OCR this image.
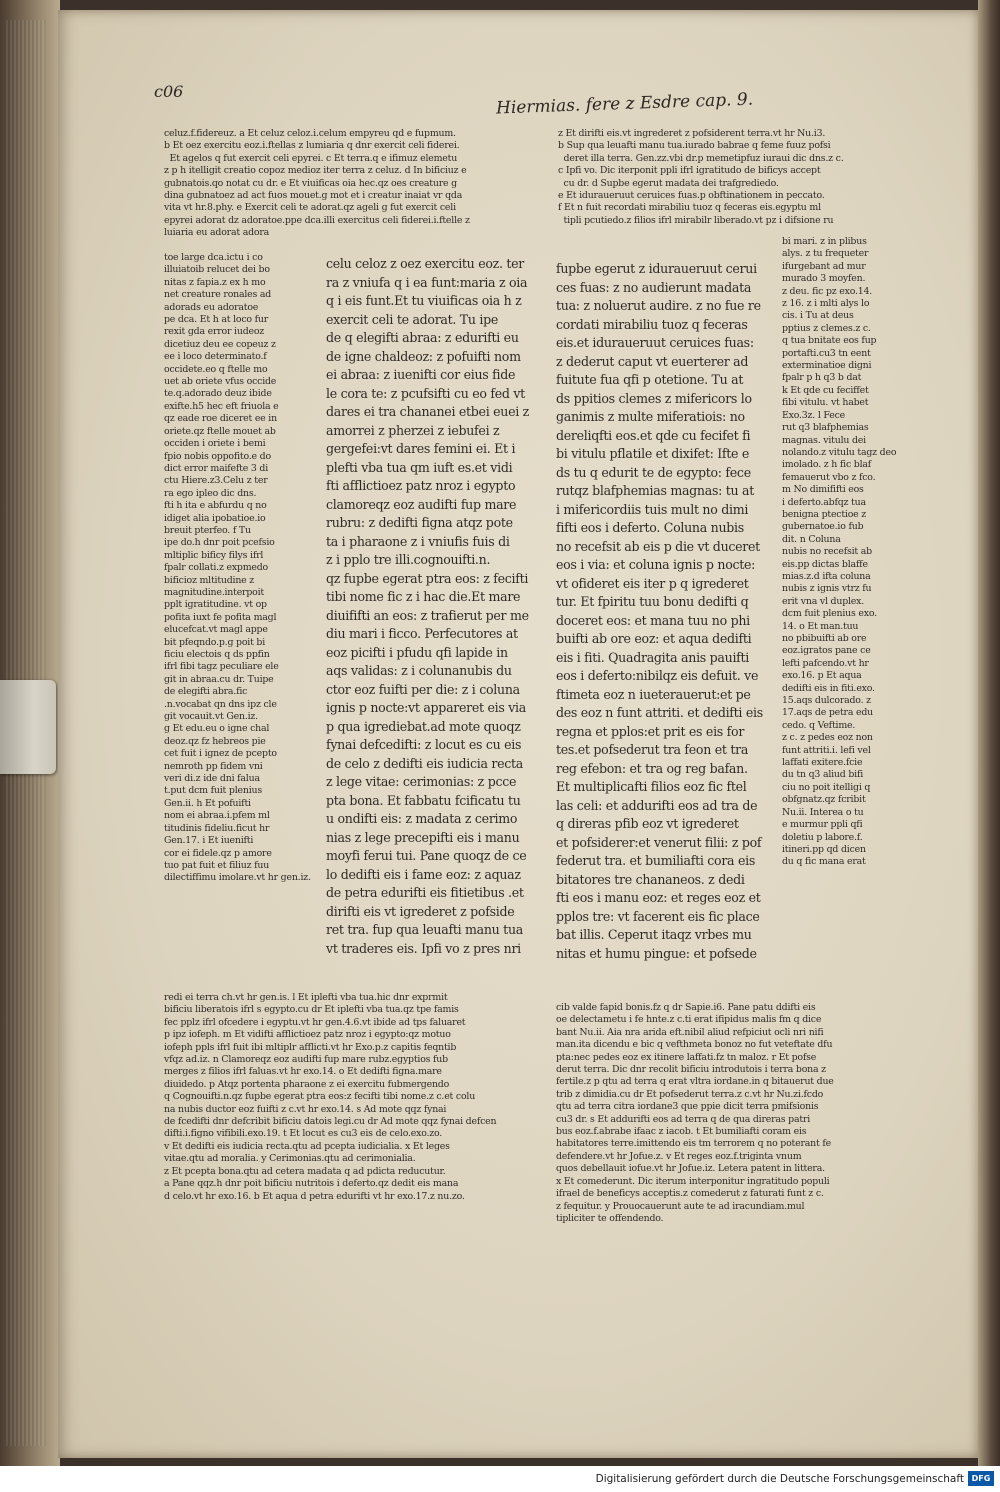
c06	Hiermias. fere z Esdre cap. 9.
celuz.f.fidereuz. a Et celuz celoz.i.celum empyreu qd e fupmum.
b Et oez exercitu eoz.i.ftellas z lumiaria q dnr exercit celi fiderei.
Et agelos q fut exercit celi epyrei. c Et terra.q e ifimuz elemetu
z p h itelligit creatio copoz medioz iter terra z celuz. d In bificiuz e
gubnatois.qo notat cu dr. e Et viuificas oia hec.qz oes creature g
dina gubnatoez ad act fuos mouet.g mot et i creatur inaiat vr qda
vita vt hr.8.phy. e Exercit celi te adorat.qz ageli g fut exercit celi
epyrei adorat dz adoratoe.ppe dca.illi exercitus celi fiderei.i.ftelle z
luiaria eu adorat adora
toe large dca.ictu i co
illuiatoib relucet dei bo
nitas z fapia.z ex h mo
net creature ronales ad
adorads eu adoratoe
pe dca. Et h at loco fur
rexit gda error iudeoz
dicetiuz deu ee copeuz z
ee i loco determinato.f
occidete.eo q ftelle mo
uet ab oriete vfus occide
te.q.adorado deuz ibide
exifte.h5 hec eft friuola e
qz eade roe diceret ee in
oriete.qz ftelle mouet ab
occiden i oriete i bemi
fpio nobis oppofito.e do
dict error maifefte 3 di
ctu Hiere.z3.Celu z ter
ra ego ipleo dic dns.
fti h ita e abfurdu q no
idiget alia ipobatioe.io
breuit pterfeo. f Tu
ipe do.h dnr poit pcefsio
mltiplic bificy filys ifrl
fpalr collati.z expmedo
bificioz mltitudine z
magnitudine.interpoit
pplt igratitudine. vt op
pofita iuxt fe pofita magl
elucefcat.vt magl appe
bit pfeqndo.p.g poit bi
ficiu electois q ds ppfin
ifrl fibi tagz peculiare ele
git in abraa.cu dr. Tuipe
de elegifti abra.fic
.n.vocabat qn dns ipz cle
git vocauit.vt Gen.iz.
g Et edu.eu o igne chal
deoz.qz fz hebreos pie
cet fuit i ignez de pcepto
nemroth pp fidem vni
veri di.z ide dni falua
t.put dcm fuit plenius
Gen.ii. h Et pofuifti
nom ei abraa.i.pfem ml
titudinis fideliu.ficut hr
Gen.17. i Et iuenifti
cor ei fidele.qz p amore
tuo pat fuit et filiuz fuu
dilectiffimu imolare.vt hr gen.iz.
celu celoz z oez exercitu eoz. ter
ra z vniufa q i ea funt:maria z oia
q i eis funt.Et tu viuificas oia h z
exercit celi te adorat. Tu ipe
de q elegifti abraa: z edurifti eu
de igne chaldeoz: z pofuifti nom
ei abraa: z iuenifti cor eius fide
le cora te: z pcufsifti cu eo fed vt
dares ei tra chananei etbei euei z
amorrei z pherzei z iebufei z
gergefei:vt dares femini ei. Et i
plefti vba tua qm iuft es.et vidi
fti afflictioez patz nroz i egypto
clamoreqz eoz audifti fup mare
rubru: z dedifti figna atqz pote
ta i pharaone z i vniufis fuis di
z i pplo tre illi.cognouifti.n.
qz fupbe egerat ptra eos: z fecifti
tibi nome fic z i hac die.Et mare
diuififti an eos: z trafierut per me
diu mari i ficco. Perfecutores at
eoz picifti i pfudu qfi lapide in
aqs validas: z i colunanubis du
ctor eoz fuifti per die: z i coluna
ignis p nocte:vt appareret eis via
p qua igrediebat.ad mote quoqz
fynai defcedifti: z locut es cu eis
de celo z dedifti eis iudicia recta
z lege vitae: cerimonias: z pcce
pta bona. Et fabbatu fcificatu tu
u ondifti eis: z madata z cerimo
nias z lege precepifti eis i manu
moyfi ferui tui. Pane quoqz de ce
lo dedifti eis i fame eoz: z aquaz
de petra edurifti eis fitietibus .et
dirifti eis vt igrederet z pofside
ret tra. fup qua leuafti manu tua
vt traderes eis. Ipfi vo z pres nri
z Et dirifti eis.vt ingrederet z pofsiderent terra.vt hr Nu.i3.
b Sup qua leuafti manu tua.iurado babrae q feme fuuz pofsi
deret illa terra. Gen.zz.vbi dr.p memetipfuz iuraui dic dns.z c.
c Ipfi vo. Dic iterponit ppli ifrl igratitudo de bificys accept
cu dr. d Supbe egerut madata dei trafgrediedo.
e Et iduraueruut ceruices fuas.p obftinationem in peccato.
f Et n fuit recordati mirabiliu tuoz q feceras eis.egyptu ml
tipli pcutiedo.z filios ifrl mirabilr liberado.vt pz i difsione ru
fupbe egerut z iduraueruut ceruі
ces fuas: z no audierunt madata
tua: z noluerut audire. z no fue re
cordati mirabiliu tuoz q feceras
eis.et iduraueruut ceruices fuas:
z dederut caput vt euerterer ad
fuitute fua qfi p otetione. Tu at
ds ppitios clemes z mifericors lo
ganimis z multe miferatiois: no
dereliqfti eos.et qde cu fecifet fi
bi vitulu pflatile et dixifet: Ifte e
ds tu q edurit te de egypto: fece
rutqz blafphemias magnas: tu at
i mifericordiis tuis mult no dimi
fifti eos i deferto. Coluna nubis
no recefsit ab eis p die vt duceret
eos i via: et coluna ignis p nocte:
vt ofideret eis iter p q igrederet
tur. Et fpiritu tuu bonu dedifti q
doceret eos: et mana tuu no phi
buifti ab ore eoz: et aqua dedifti
eis i fiti. Quadragita anis pauifti
eos i deferto:nibilqz eis defuit. ve
ftimeta eoz n iueterauerut:et pe
des eoz n funt attriti. et dedifti eis
regna et pplos:et prit es eis for
tes.et pofsederut tra feon et tra
reg efebon: et tra og reg bafan.
Et multiplicafti filios eoz fic ftel
las celi: et addurifti eos ad tra de
q direras pfib eoz vt igrederet
et pofsiderer:et venerut filii: z pof
federut tra. et bumiliafti cora eis
bitatores tre chananeos. z dedi
fti eos i manu eoz: et reges eoz et
pplos tre: vt facerent eis fic place
bat illis. Ceperut itaqz vrbes mu
nitas et humu pingue: et pofsede
bi mari. z in plibus
alys. z tu frequeter
ifurgebant ad mur
murado 3 moyfen.
z deu. fic pz exo.14.
z 16. z i mlti alys lo
cis. i Tu at deus
pptius z clemes.z c.
q tua bnitate eos fup
portafti.cu3 tn eent
exterminatioe digni
fpalr p h q3 b dat
k Et qde cu feciffet
fibi vitulu. vt habet
Exo.3z. l Fece
rut q3 blafphemias
magnas. vitulu dei
nolando.z vitulu tagz deo
imolado. z h fic blaf
femauerut vbo z fco.
m No dimififti eos
i deferto.abfqz tua
benigna ptectioe z
gubernatoe.io fub
dit. n Coluna
nubis no recefsit ab
eis.pp dictas blaffe
mias.z.d ifta coluna
nubis z ignis vtrz fu
erit vna vl duplex.
dcm fuit plenius exo.
14. o Et man.tuu
no pbibuifti ab ore
eoz.igratos pane ce
lefti pafcendo.vt hr
exo.16. p Et aqua
dedifti eis in fiti.exo.
15.aqs dulcorado. z
17.aqs de petra edu
cedo. q Veftime.
z c. z pedes eoz non
funt attriti.i. lefi vel
laffati exitere.fcie
du tn q3 aliud bifi
ciu no poit itelligi q
obfgnatz.qz fcribit
Nu.ii. Interea o tu
e murmur ppli qfi
doletiu p labore.f.
itineri.pp qd dicen
du q fic mana erat
redi ei terra ch.vt hr gen.is. l Et iplefti vba tua.hic dnr exprmit
bificiu liberatois ifrl s egypto.cu dr Et iplefti vba tua.qz tpe famis
fec pplz ifrl ofcedere i egyptu.vt hr gen.4.6.vt ibide ad tps faluaret
p ipz iofeph. m Et vidifti afflictioez patz nroz i egypto:qz motuo
iofeph ppls ifrl fuit ibi mltiplr afflicti.vt hr Exo.p.z capitis feqntib
vfqz ad.iz. n Clamoreqz eoz audifti fup mare rubz.egyptios fub
merges z filios ifrl faluas.vt hr exo.14. o Et dedifti figna.mare
diuidedo. p Atqz portenta pharaone z ei exercitu fubmergendo
q Cognouifti.n.qz fupbe egerat ptra eos:z fecifti tibi nome.z c.et colu
na nubis ductor eoz fuifti z c.vt hr exo.14. s Ad mote qqz fynai
de fcedifti dnr defcribit bificiu datois legi.cu dr Ad mote qqz fynai defcen
difti.i.figno vifibili.exo.19. t Et locut es cu3 eis de celo.exo.zo.
v Et dedifti eis iudicia recta.qtu ad pcepta iudicialia. x Et leges
vitae.qtu ad moralia. y Cerimonias.qtu ad cerimonialia.
z Et pcepta bona.qtu ad cetera madata q ad pdicta reducutur.
a Pane qqz.h dnr poit bificiu nutritois i deferto.qz dedit eis mana
d celo.vt hr exo.16. b Et aqua d petra edurifti vt hr exo.17.z nu.zo.
cib valde fapid bonis.fz q dr Sapie.i6. Pane patu ddifti eis
oe delectametu i fe hnte.z c.ti erat ifipidus malis fm q dice
bant Nu.ii. Aia nra arida eft.nibil aliud refpiciut ocli nri nifi
man.ita dicendu e bic q vefthmeta bonoz no fut veteftate dfu
pta:nec pedes eoz ex itinere laffati.fz tn maloz. r Et pofse
derut terra. Dic dnr recolit bificiu introdutois i terra bona z
fertile.z p qtu ad terra q erat vltra iordane.in q bitauerut due
trib z dimidia.cu dr Et pofsederut terra.z c.vt hr Nu.zi.fcdo
qtu ad terra citra iordane3 que ppie dicit terra pmifsionis
cu3 dr. s Et addurifti eos ad terra q de qua direras patri
bus eoz.f.abrabe ifaac z iacob. t Et bumiliafti coram eis
habitatores terre.imittendo eis tm terrorem q no poterant fe
defendere.vt hr Jofue.z. v Et reges eoz.f.triginta vnum
quos debellauit iofue.vt hr Jofue.iz. Letera patent in littera.
x Et comederunt. Dic iterum interponitur ingratitudo populi
ifrael de beneficys acceptis.z comederut z faturati funt z c.
z fequitur. y Prouocauerunt aute te ad iracundiam.mul
tipliciter te offendendo.
Digitalisierung gefördert durch die Deutsche Forschungsgemeinschaft DFG
